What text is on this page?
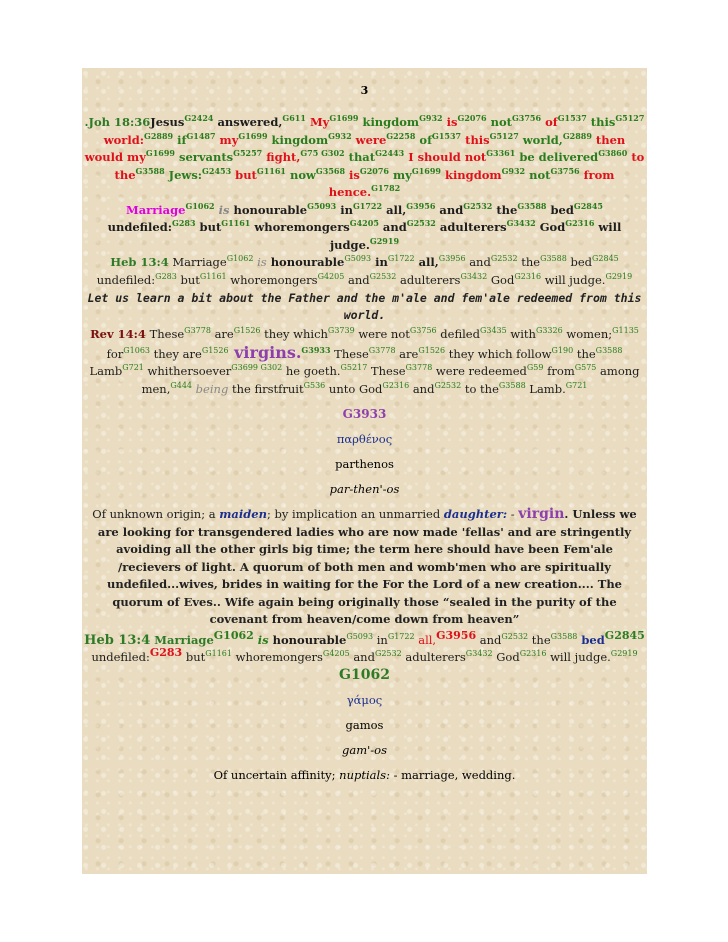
3

.Joh 18:36Jesus$^{G2424}$ answered,$^{G611}$ $My^{G1699}$ kingdom$^{G932}$ $is^{G2076}$ not$^{G3756}$ $of^{G1537}$ this$^{G5127}$ world:$^{G2889}$ $if^{G1487}$ $my^{G1699}$ kingdom$^{G932}$ were$^{G2258}$ $of^{G1537}$ this$^{G5127}$ world,$^{G2889}$ then would $my^{G1699}$ servants$^{G5257}$ fight,$^{G75 G302}$ that$^{G2443}$ I should not$^{G3361}$ be delivered$^{G3860}$ to the$^{G3588}$ Jews:$^{G2453}$ but$^{G1161}$ now$^{G3568}$ $is^{G2076}$ $my^{G1699}$ kingdom$^{G932}$ not$^{G3756}$ from hence.$^{G1782}$

Marriage$^{G1062}$ is honourable$^{G5093}$ $in^{G1722}$ all,$^{G3956}$ and$^{G2532}$ the$^{G3588}$ bed$^{G2845}$ undefiled:$^{G283}$ but$^{G1161}$ whoremongers$^{G4205}$ and$^{G2532}$ adulterers$^{G3432}$ God$^{G2316}$ will judge.$^{G2919}$

Heb 13:4 Marriage$^{G1062}$ is honourable$^{G5093}$ $in^{G1722}$ all,$^{G3956}$ and$^{G2532}$ the$^{G3588}$ bed$^{G2845}$ undefiled:$^{G283}$ but$^{G1161}$ whoremongers$^{G4205}$ and$^{G2532}$ adulterers$^{G3432}$ God$^{G2316}$ will judge.$^{G2919}$

Let us learn a bit about the Father and the m'ale and fem'ale redeemed from this world.

Rev 14:4 These$^{G3778}$ are$^{G1526}$ they which$^{G3739}$ were not$^{G3756}$ defiled$^{G3435}$ with$^{G3326}$ women;$^{G1135}$ for$^{G1063}$ they are$^{G1526}$ virgins.$^{G3933}$ These$^{G3778}$ are$^{G1526}$ they which follow$^{G190}$ the$^{G3588}$ Lamb$^{G721}$ whithersoever$^{G3699 G302}$ he goeth.$^{G5217}$ These$^{G3778}$ were redeemed$^{G59}$ from$^{G575}$ among men,$^{G444}$ being the firstfruit$^{G536}$ unto God$^{G2316}$ and$^{G2532}$ to the$^{G3588}$ Lamb.$^{G721}$

G3933

παρθένος

parthenos

par-then'-os

Of unknown origin; a maiden; by implication an unmarried daughter: - virgin. Unless we are looking for transgendered ladies who are now made 'fellas' and are stringently avoiding all the other girls big time; the term here should have been Fem'ale /recievers of light. A quorum of both men and womb'men who are spiritually undefiled...wives, brides in waiting for the For the Lord of a new creation.... The quorum of Eves.. Wife again being originally those “sealed in the purity of the covenant from heaven/come down from heaven”

Heb 13:4 Marriage$^{G1062}$ is honourable$^{G5093}$ $in^{G1722}$ all,$^{G3956}$ and$^{G2532}$ the$^{G3588}$ bed$^{G2845}$ undefiled:$^{G283}$ but$^{G1161}$ whoremongers$^{G4205}$ and$^{G2532}$ adulterers$^{G3432}$ God$^{G2316}$ will judge.$^{G2919}$

G1062

γάμος

gamos

gam'-os

Of uncertain affinity; nuptials: - marriage, wedding.
